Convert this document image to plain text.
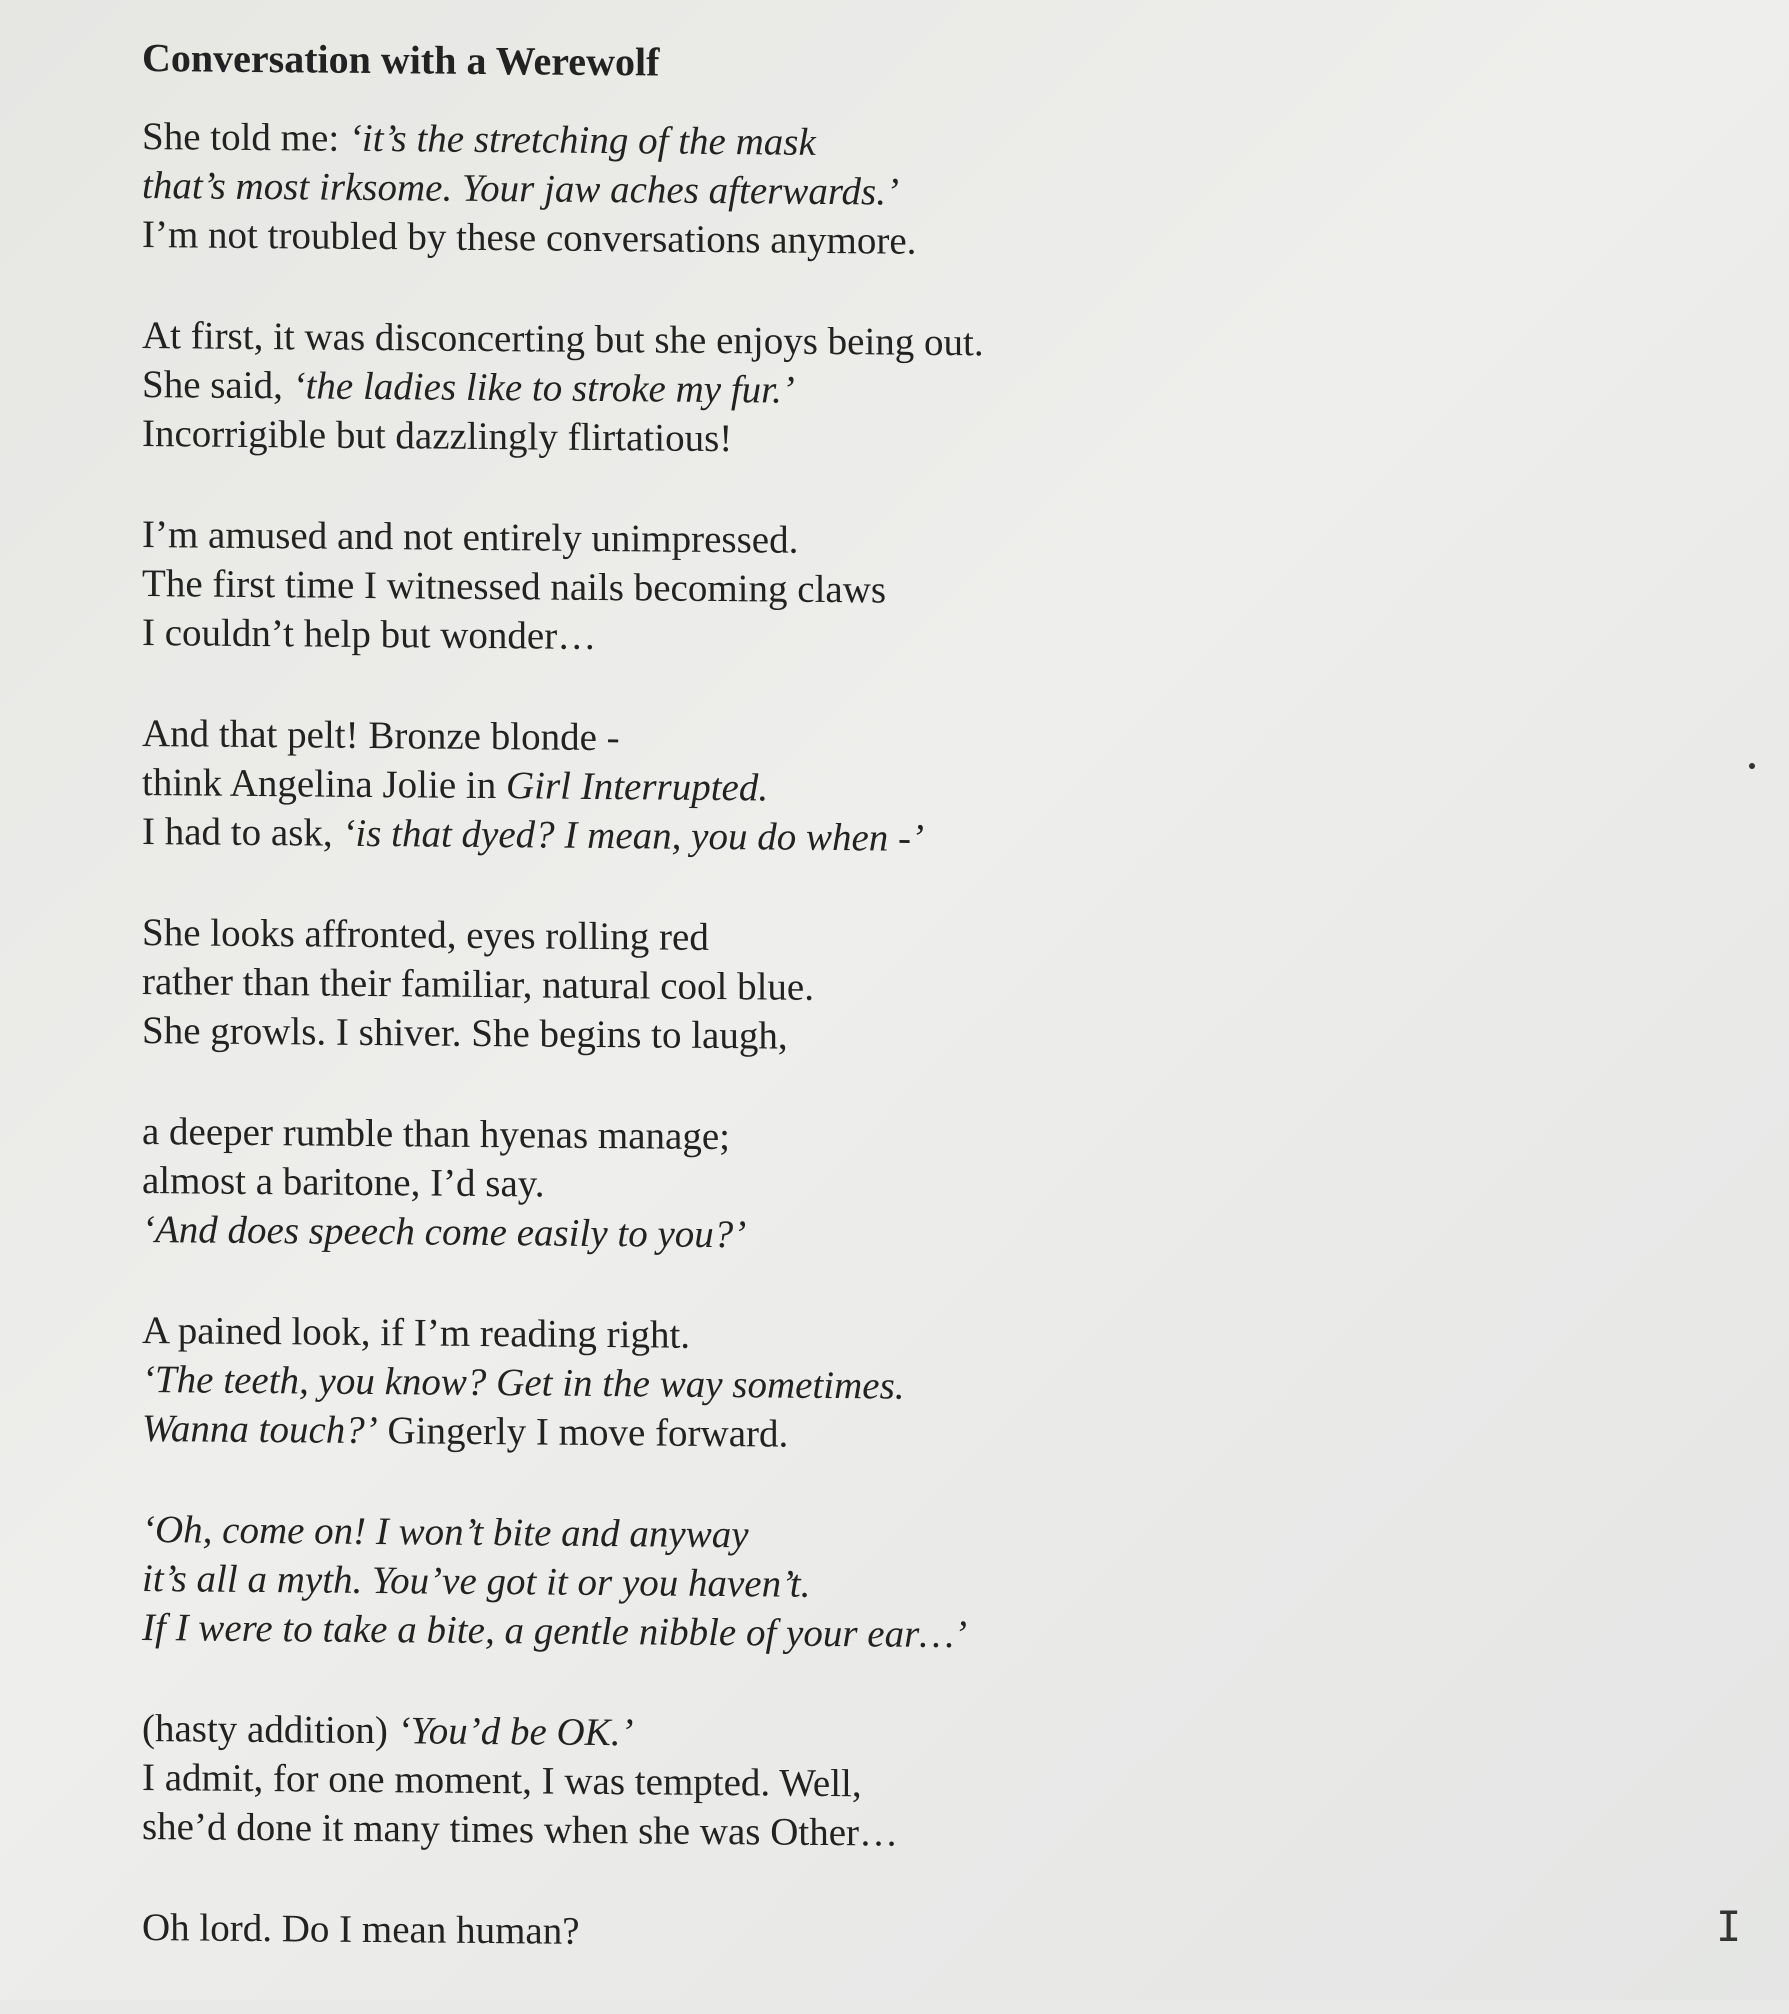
Conversation with a Werewolf
She told me: ‘it’s the stretching of the mask
that’s most irksome. Your jaw aches afterwards.’
I’m not troubled by these conversations anymore.
At first, it was disconcerting but she enjoys being out.
She said, ‘the ladies like to stroke my fur.’
Incorrigible but dazzlingly flirtatious!
I’m amused and not entirely unimpressed.
The first time I witnessed nails becoming claws
I couldn’t help but wonder…
And that pelt! Bronze blonde -
think Angelina Jolie in Girl Interrupted.
I had to ask, ‘is that dyed? I mean, you do when -’
She looks affronted, eyes rolling red
rather than their familiar, natural cool blue.
She growls. I shiver. She begins to laugh,
a deeper rumble than hyenas manage;
almost a baritone, I’d say.
‘And does speech come easily to you?’
A pained look, if I’m reading right.
‘The teeth, you know? Get in the way sometimes.
Wanna touch?’ Gingerly I move forward.
‘Oh, come on! I won’t bite and anyway
it’s all a myth. You’ve got it or you haven’t.
If I were to take a bite, a gentle nibble of your ear…’
(hasty addition) ‘You’d be OK.’
I admit, for one moment, I was tempted. Well,
she’d done it many times when she was Other…
Oh lord. Do I mean human?	I
